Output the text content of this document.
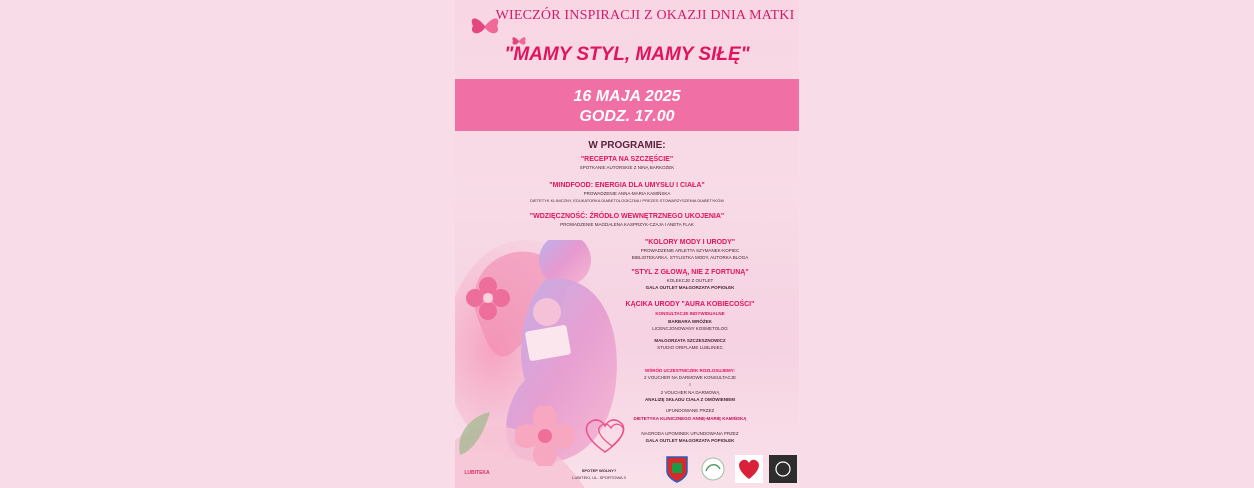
WIECZÓR INSPIRACJI Z OKAZJI DNIA MATKI
"MAMY STYL, MAMY SIŁĘ"
16 MAJA 2025
GODZ. 17.00
W PROGRAMIE:
"RECEPTA NA SZCZĘŚCIE"
SPOTKANIE AUTORSKIE Z NINĄ BARKOŻEK
"MINDFOOD: ENERGIA DLA UMYSŁU I CIAŁA"
PROWADZENIE ANNA-MARIA KAMIŃSKA
DIETETYK KLINICZNY, EDUKATORKA DIABETOLOGICZNA I PREZES STOWARZYSZENIA DIABETYKÓW
"WDZIĘCZNOŚĆ: ŹRÓDŁO WEWNĘTRZNEGO UKOJENIA"
PROWADZENIE MAGDALENA KASPRZYK-CZAJA I ANETA FLAK
"KOLORY MODY I URODY"
PROWADZENIE ARLETTA SZYMANEK-KOPIEC
BIBLIOTEKARKA, STYLISTKA MODY, AUTORKA BLOGA
"STYL Z GŁOWĄ, NIE Z FORTUNĄ"
KOLEKCJE Z OUTLET
GALA OUTLET MAŁGORZATA POPIOŁEK
KĄCIKA URODY "AURA KOBIECOŚCI"
KONSULTACJE INDYWIDUALNE
BARBARA WRÓŻEK
LICENCJONOWANY KOSMETOLOG
MAŁGORZATA SZCZESZNOWICZ
STUDIO ORIFLAME LUBLINIEC
WŚRÓD UCZESTNICZEK ROZLOSUJEMY:
2 VOUCHER NA DARMOWE KONSULTACJE
I
2 VOUCHER NA DARMOWĄ
ANALIZĘ SKŁADU CIAŁA Z OMÓWIENIEM
UFUNDOWANE PRZEZ
DIETETYKA KLINICZNEGO ANNĘ-MARIĘ KAMIŃSKĄ
NAGRODA UPOMINEK UFUNDOWANA PRZEZ
GALA OUTLET MAŁGORZATA POPIOŁEK
LUBITEKA	SPOTEP WOLNY?
LUBITEKI, UL. SPORTOWA 3
